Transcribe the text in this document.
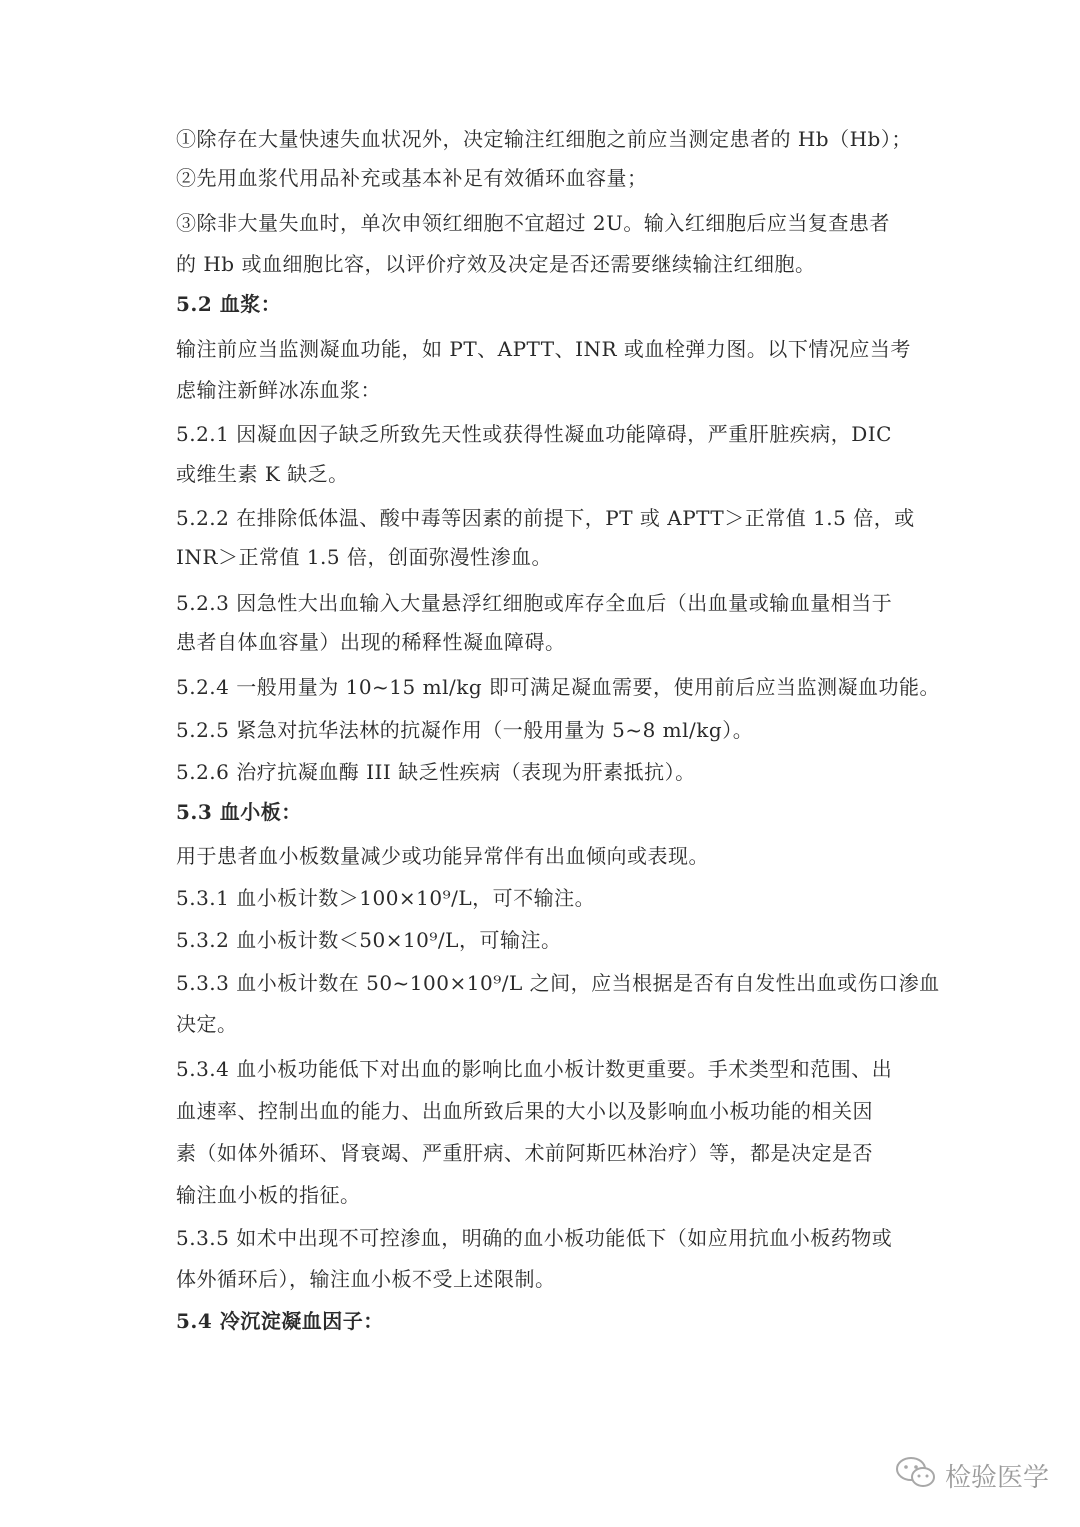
①除存在大量快速失血状况外，决定输注红细胞之前应当测定患者的 Hb（Hb）；
②先用血浆代用品补充或基本补足有效循环血容量；
③除非大量失血时，单次申领红细胞不宜超过 2U。输入红细胞后应当复查患者
的 Hb 或血细胞比容，以评价疗效及决定是否还需要继续输注红细胞。
5.2 血浆：
输注前应当监测凝血功能，如 PT、APTT、INR 或血栓弹力图。以下情况应当考
虑输注新鲜冰冻血浆：
5.2.1 因凝血因子缺乏所致先天性或获得性凝血功能障碍，严重肝脏疾病，DIC
或维生素 K 缺乏。
5.2.2 在排除低体温、酸中毒等因素的前提下，PT 或 APTT＞正常值 1.5 倍，或
INR＞正常值 1.5 倍，创面弥漫性渗血。
5.2.3 因急性大出血输入大量悬浮红细胞或库存全血后（出血量或输血量相当于
患者自体血容量）出现的稀释性凝血障碍。
5.2.4 一般用量为 10~15 ml/kg 即可满足凝血需要，使用前后应当监测凝血功能。
5.2.5 紧急对抗华法林的抗凝作用（一般用量为 5~8 ml/kg）。
5.2.6 治疗抗凝血酶 III 缺乏性疾病（表现为肝素抵抗）。
5.3 血小板：
用于患者血小板数量减少或功能异常伴有出血倾向或表现。
5.3.1 血小板计数＞100×10⁹/L，可不输注。
5.3.2 血小板计数＜50×10⁹/L，可输注。
5.3.3 血小板计数在 50~100×10⁹/L 之间，应当根据是否有自发性出血或伤口渗血
决定。
5.3.4 血小板功能低下对出血的影响比血小板计数更重要。手术类型和范围、出
血速率、控制出血的能力、出血所致后果的大小以及影响血小板功能的相关因
素（如体外循环、肾衰竭、严重肝病、术前阿斯匹林治疗）等，都是决定是否
输注血小板的指征。
5.3.5 如术中出现不可控渗血，明确的血小板功能低下（如应用抗血小板药物或
体外循环后），输注血小板不受上述限制。
5.4 冷沉淀凝血因子：
检验医学
